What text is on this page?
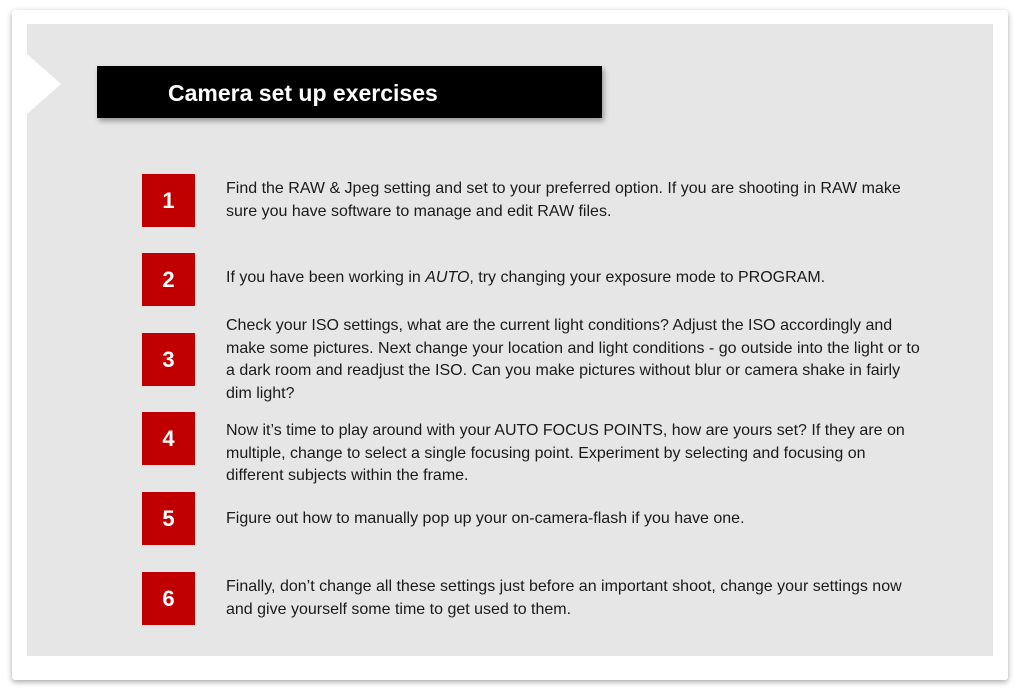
Camera set up exercises
1	Find the RAW & Jpeg setting and set to your preferred option. If you are shooting in RAW make sure you have software to manage and edit RAW files.
2	If you have been working in AUTO, try changing your exposure mode to PROGRAM.
3
Check your ISO settings, what are the current light conditions? Adjust the ISO accordingly and make some pictures. Next change your location and light conditions - go outside into the light or to a dark room and readjust the ISO. Can you make pictures without blur or camera shake in fairly dim light?
4	Now it’s time to play around with your AUTO FOCUS POINTS, how are yours set? If they are on multiple, change to select a single focusing point. Experiment by selecting and focusing on different subjects within the frame.
5	Figure out how to manually pop up your on-camera-flash if you have one.
6	Finally, don’t change all these settings just before an important shoot, change your settings now and give yourself some time to get used to them.
